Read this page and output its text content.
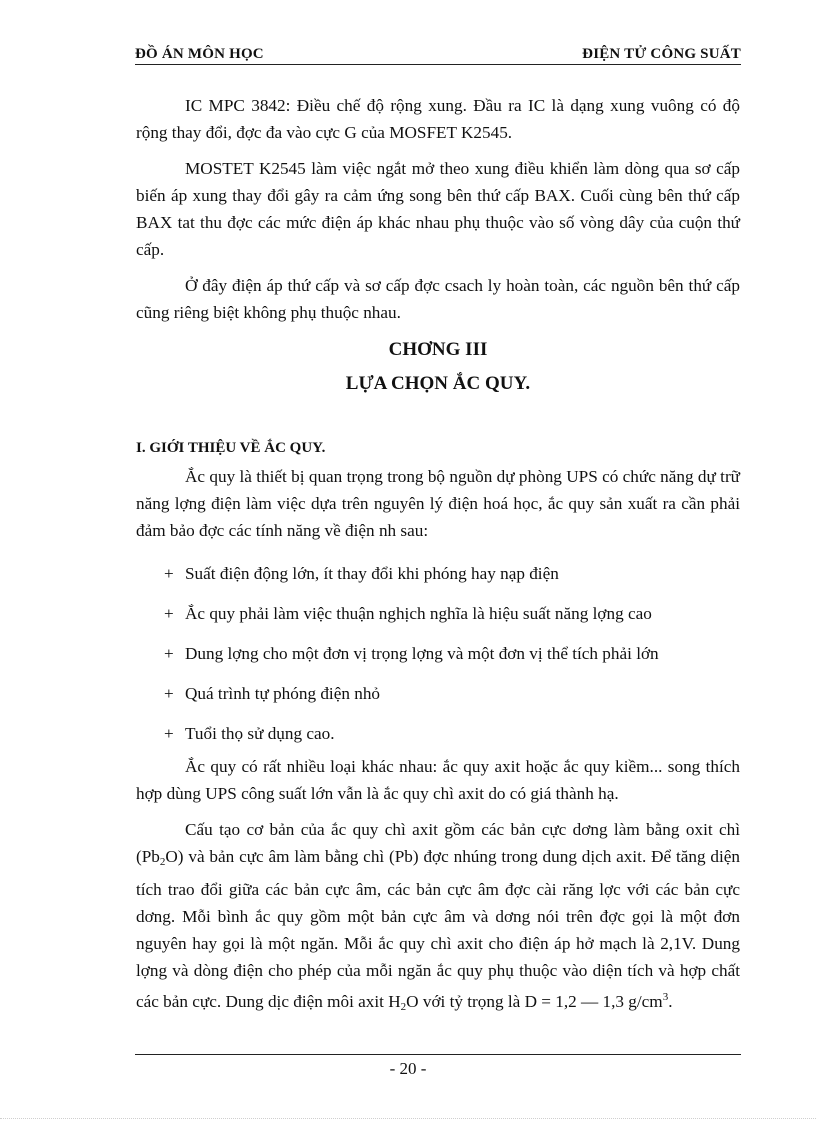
ĐỒ ÁN MÔN HỌC	ĐIỆN TỬ CÔNG SUẤT

IC MPC 3842: Điều chế độ rộng xung. Đầu ra IC là dạng xung vuông có độ rộng thay đổi, đợc đa vào cực G của MOSFET K2545.

MOSTET K2545 làm việc ngắt mở theo xung điều khiển làm dòng qua sơ cấp biến áp xung thay đổi gây ra cảm ứng song bên thứ cấp BAX. Cuối cùng bên thứ cấp BAX tat thu đợc các mức điện áp khác nhau phụ thuộc vào số vòng dây của cuộn thứ cấp.

Ở đây điện áp thứ cấp và sơ cấp đợc csach ly hoàn toàn, các nguồn bên thứ cấp cũng riêng biệt không phụ thuộc nhau.

CHƠNG III
LỰA CHỌN ẮC QUY.
I. GIỚI THIỆU VỀ ẮC QUY.

Ắc quy là thiết bị quan trọng trong bộ nguồn dự phòng UPS có chức năng dự trữ năng lợng điện làm việc dựa trên nguyên lý điện hoá học, ắc quy sản xuất ra cần phải đảm bảo đợc các tính năng về điện nh sau:

+ Suất điện động lớn, ít thay đổi khi phóng hay nạp điện
+ Ắc quy phải làm việc thuận nghịch nghĩa là hiệu suất năng lợng cao
+ Dung lợng cho một đơn vị trọng lợng và một đơn vị thể tích phải lớn
+ Quá trình tự phóng điện nhỏ
+ Tuổi thọ sử dụng cao.

Ắc quy có rất nhiều loại khác nhau: ắc quy axit hoặc ắc quy kiềm... song thích hợp dùng UPS công suất lớn vẫn là ắc quy chì axit do có giá thành hạ.

Cấu tạo cơ bản của ắc quy chì axit gồm các bản cực dơng làm bằng oxit chì $(Pb_2O)$ và bản cực âm làm bằng chì (Pb) đợc nhúng trong dung dịch axit. Để tăng diện tích trao đổi giữa các bản cực âm, các bản cực âm đợc cài răng lợc với các bản cực dơng. Mỗi bình ắc quy gồm một bản cực âm và dơng nói trên đợc gọi là một đơn nguyên hay gọi là một ngăn. Mỗi ắc quy chì axit cho điện áp hở mạch là 2,1V. Dung lợng và dòng điện cho phép của mỗi ngăn ắc quy phụ thuộc vào diện tích và hợp chất các bản cực. Dung dịc điện môi axit $H_2O$ với tỷ trọng là D = 1,2 — 1,3 $g/cm^3$.

- 20 -
